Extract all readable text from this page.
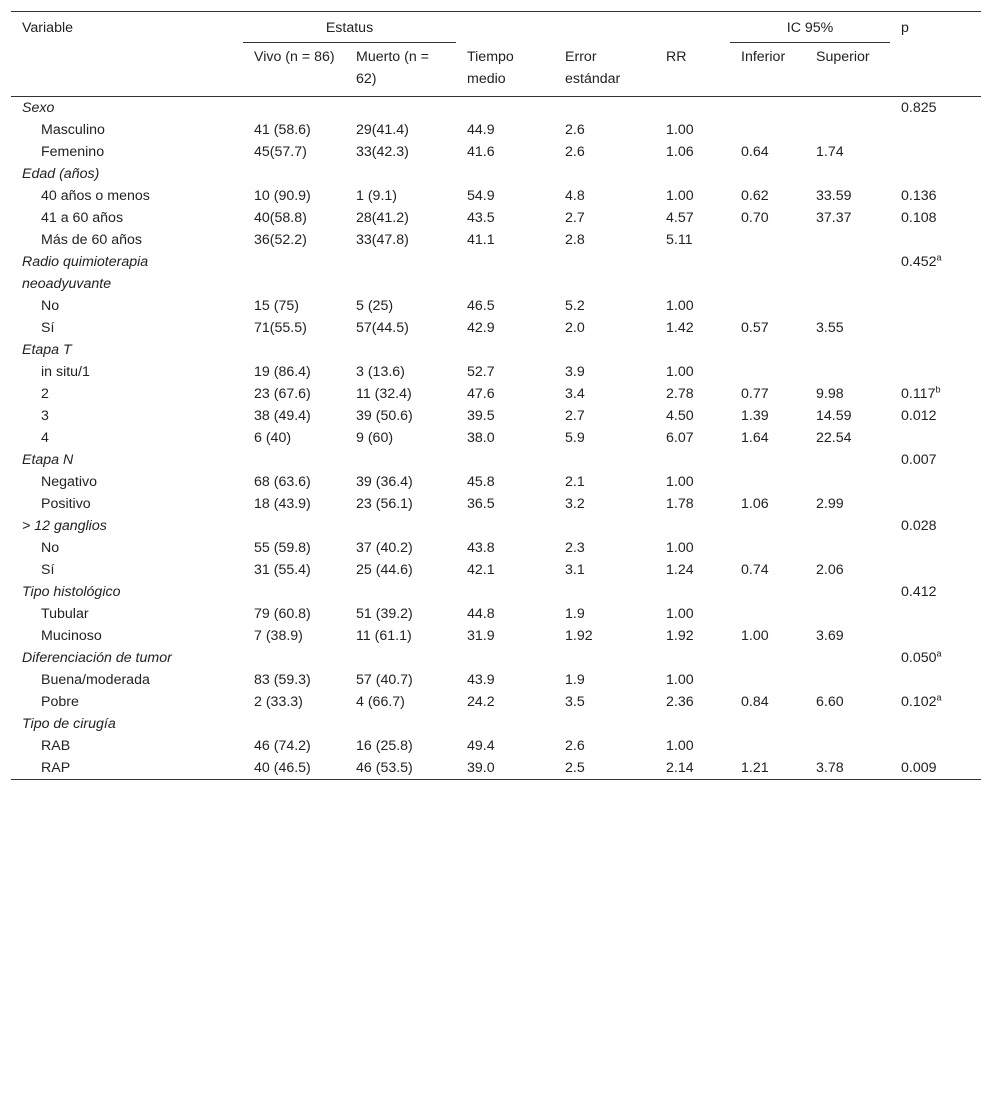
Variable	Estatus					IC 95%		p
	Vivo (n = 86)	Muerto (n = 62)	Tiempo medio	Error estándar	RR	Inferior	Superior	
Sexo								0.825
Masculino	41 (58.6)	29(41.4)	44.9	2.6	1.00			
Femenino	45(57.7)	33(42.3)	41.6	2.6	1.06	0.64	1.74	
Edad (años)								
40 años o menos	10 (90.9)	1 (9.1)	54.9	4.8	1.00	0.62	33.59	0.136
41 a 60 años	40(58.8)	28(41.2)	43.5	2.7	4.57	0.70	37.37	0.108
Más de 60 años	36(52.2)	33(47.8)	41.1	2.8	5.11			
Radio quimioterapia neoadyuvante								0.452$^a$
No	15 (75)	5 (25)	46.5	5.2	1.00			
Sí	71(55.5)	57(44.5)	42.9	2.0	1.42	0.57	3.55	
Etapa T								
in situ/1	19 (86.4)	3 (13.6)	52.7	3.9	1.00			
2	23 (67.6)	11 (32.4)	47.6	3.4	2.78	0.77	9.98	0.117$^b$
3	38 (49.4)	39 (50.6)	39.5	2.7	4.50	1.39	14.59	0.012
4	6 (40)	9 (60)	38.0	5.9	6.07	1.64	22.54	
Etapa N								0.007
Negativo	68 (63.6)	39 (36.4)	45.8	2.1	1.00			
Positivo	18 (43.9)	23 (56.1)	36.5	3.2	1.78	1.06	2.99	
> 12 ganglios								0.028
No	55 (59.8)	37 (40.2)	43.8	2.3	1.00			
Sí	31 (55.4)	25 (44.6)	42.1	3.1	1.24	0.74	2.06	
Tipo histológico								0.412
Tubular	79 (60.8)	51 (39.2)	44.8	1.9	1.00			
Mucinoso	7 (38.9)	11 (61.1)	31.9	1.92	1.92	1.00	3.69	
Diferenciación de tumor								0.050$^a$
Buena/moderada	83 (59.3)	57 (40.7)	43.9	1.9	1.00			
Pobre	2 (33.3)	4 (66.7)	24.2	3.5	2.36	0.84	6.60	0.102$^a$
Tipo de cirugía								
RAB	46 (74.2)	16 (25.8)	49.4	2.6	1.00			
RAP	40 (46.5)	46 (53.5)	39.0	2.5	2.14	1.21	3.78	0.009
